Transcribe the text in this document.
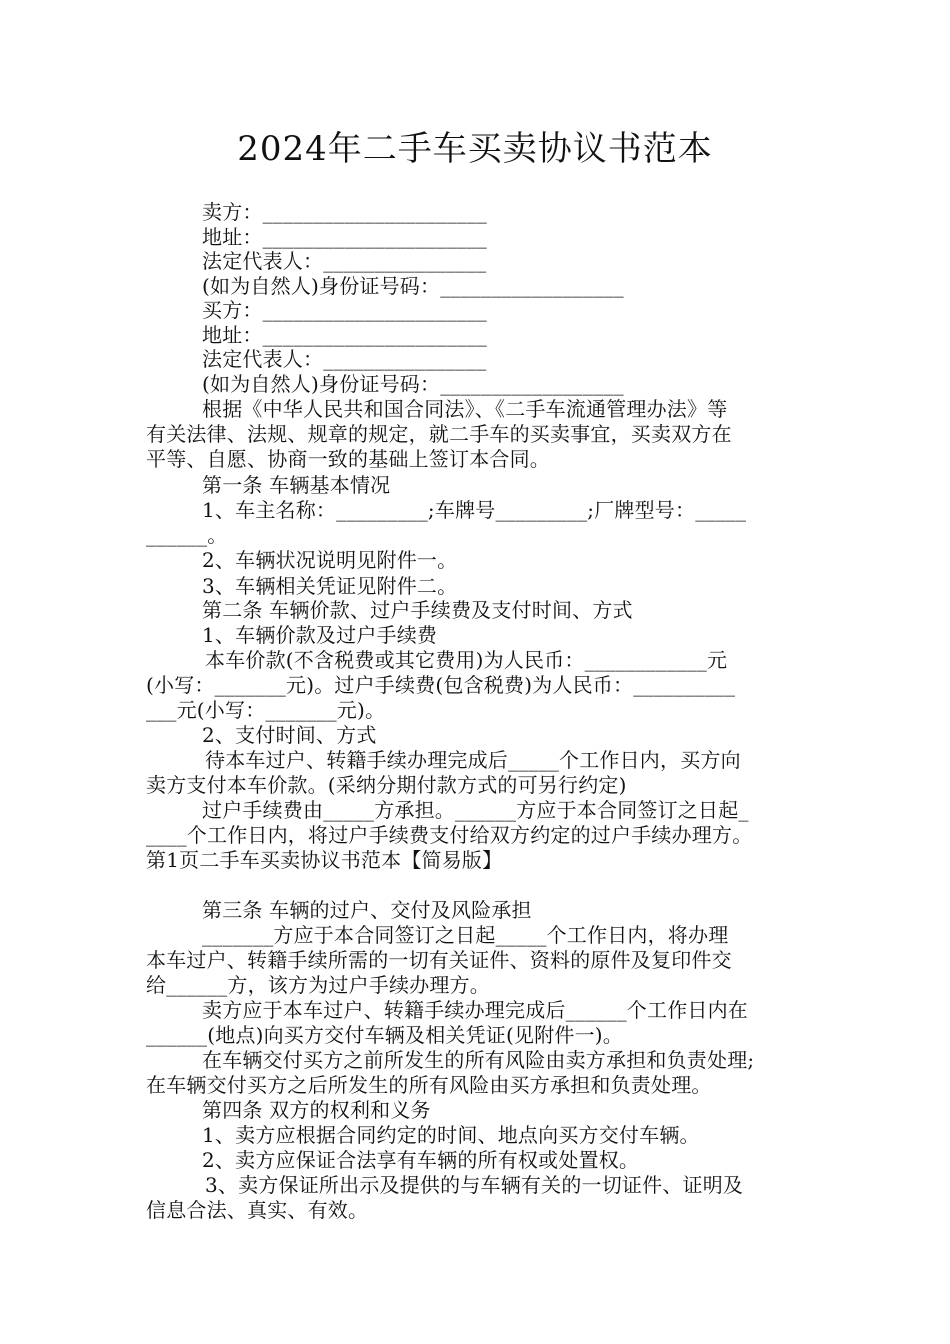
2024年二手车买卖协议书范本
卖方：______________________
地址：______________________
法定代表人：________________
(如为自然人)身份证号码：__________________
买方：______________________
地址：______________________
法定代表人：________________
(如为自然人)身份证号码：__________________
根据《中华人民共和国合同法》、《二手车流通管理办法》等
有关法律、法规、规章的规定，就二手车的买卖事宜，买卖双方在
平等、自愿、协商一致的基础上签订本合同。
第一条 车辆基本情况
1、车主名称：_________;车牌号_________;厂牌型号：_____
______。
2、车辆状况说明见附件一。
3、车辆相关凭证见附件二。
第二条 车辆价款、过户手续费及支付时间、方式
1、车辆价款及过户手续费
本车价款(不含税费或其它费用)为人民币：____________元
(小写：_______元)。过户手续费(包含税费)为人民币：__________
___元(小写：_______元)。
2、支付时间、方式
待本车过户、转籍手续办理完成后_____个工作日内，买方向
卖方支付本车价款。(采纳分期付款方式的可另行约定)
过户手续费由_____方承担。______方应于本合同签订之日起_
____个工作日内，将过户手续费支付给双方约定的过户手续办理方。
第1页二手车买卖协议书范本【简易版】
第三条 车辆的过户、交付及风险承担
_______方应于本合同签订之日起_____个工作日内，将办理
本车过户、转籍手续所需的一切有关证件、资料的原件及复印件交
给______方，该方为过户手续办理方。
卖方应于本车过户、转籍手续办理完成后______个工作日内在
______(地点)向买方交付车辆及相关凭证(见附件一)。
在车辆交付买方之前所发生的所有风险由卖方承担和负责处理;
在车辆交付买方之后所发生的所有风险由买方承担和负责处理。
第四条 双方的权利和义务
1、卖方应根据合同约定的时间、地点向买方交付车辆。
2、卖方应保证合法享有车辆的所有权或处置权。
3、卖方保证所出示及提供的与车辆有关的一切证件、证明及
信息合法、真实、有效。
